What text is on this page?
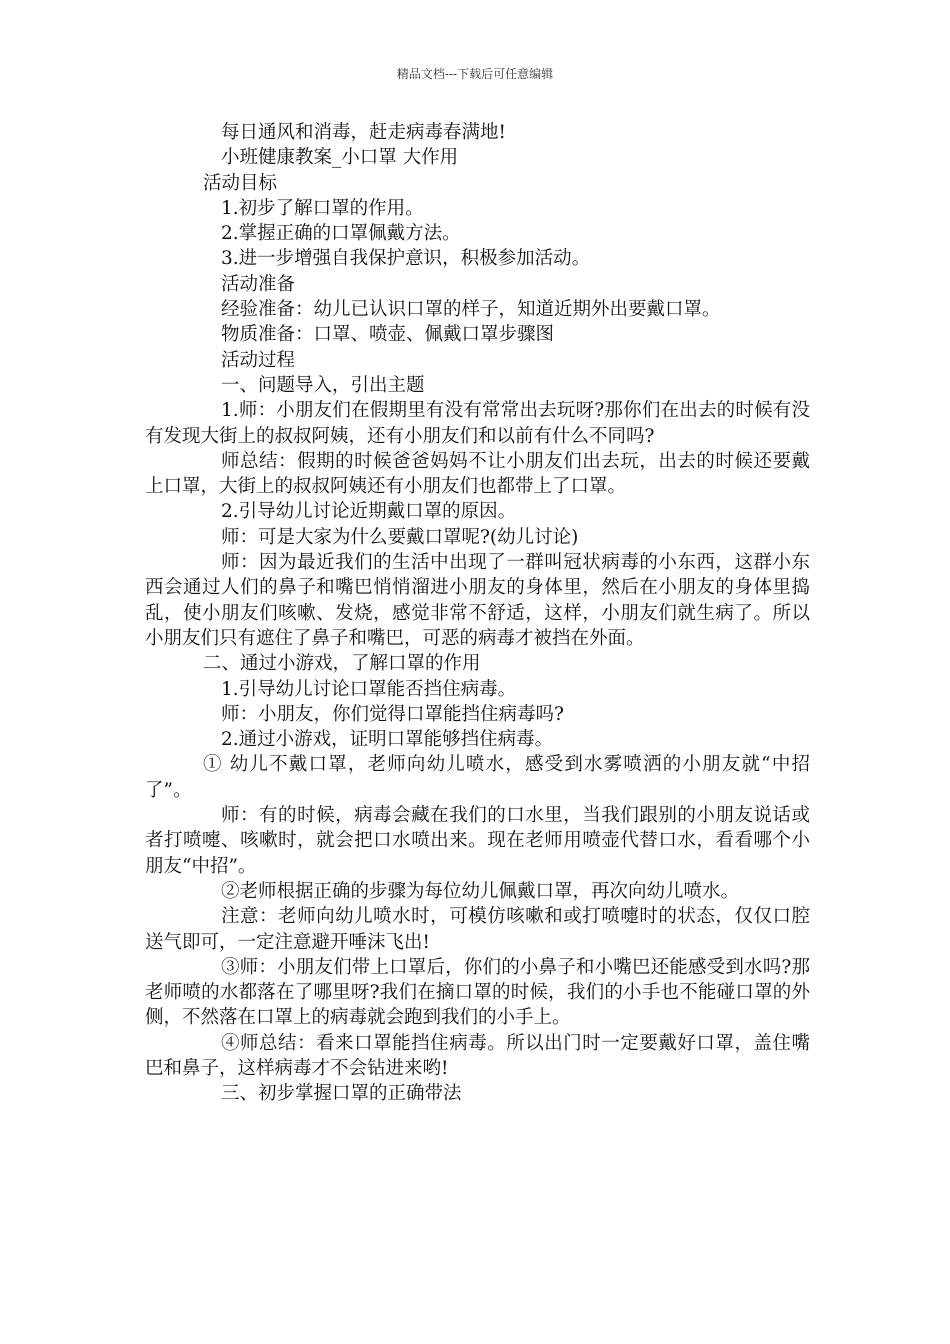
精品文档---下载后可任意编辑

每日通风和消毒，赶走病毒春满地!

小班健康教案_小口罩 大作用

活动目标

1.初步了解口罩的作用。

2.掌握正确的口罩佩戴方法。

3.进一步增强自我保护意识，积极参加活动。

活动准备

经验准备：幼儿已认识口罩的样子，知道近期外出要戴口罩。

物质准备：口罩、喷壶、佩戴口罩步骤图

活动过程

一、问题导入，引出主题

1.师：小朋友们在假期里有没有常常出去玩呀?那你们在出去的时候有没有发现大街上的叔叔阿姨，还有小朋友们和以前有什么不同吗?

师总结：假期的时候爸爸妈妈不让小朋友们出去玩，出去的时候还要戴上口罩，大街上的叔叔阿姨还有小朋友们也都带上了口罩。

2.引导幼儿讨论近期戴口罩的原因。

师：可是大家为什么要戴口罩呢?(幼儿讨论)

师：因为最近我们的生活中出现了一群叫冠状病毒的小东西，这群小东西会通过人们的鼻子和嘴巴悄悄溜进小朋友的身体里，然后在小朋友的身体里捣乱，使小朋友们咳嗽、发烧，感觉非常不舒适，这样，小朋友们就生病了。所以小朋友们只有遮住了鼻子和嘴巴，可恶的病毒才被挡在外面。

二、通过小游戏，了解口罩的作用

1.引导幼儿讨论口罩能否挡住病毒。

师：小朋友，你们觉得口罩能挡住病毒吗?

2.通过小游戏，证明口罩能够挡住病毒。

① 幼儿不戴口罩，老师向幼儿喷水，感受到水雾喷洒的小朋友就“中招了”。

师：有的时候，病毒会藏在我们的口水里，当我们跟别的小朋友说话或者打喷嚏、咳嗽时，就会把口水喷出来。现在老师用喷壶代替口水，看看哪个小朋友“中招”。

②老师根据正确的步骤为每位幼儿佩戴口罩，再次向幼儿喷水。

注意：老师向幼儿喷水时，可模仿咳嗽和或打喷嚏时的状态，仅仅口腔送气即可，一定注意避开唾沫飞出!

③师：小朋友们带上口罩后，你们的小鼻子和小嘴巴还能感受到水吗?那老师喷的水都落在了哪里呀?我们在摘口罩的时候，我们的小手也不能碰口罩的外侧，不然落在口罩上的病毒就会跑到我们的小手上。

④师总结：看来口罩能挡住病毒。所以出门时一定要戴好口罩，盖住嘴巴和鼻子，这样病毒才不会钻进来哟!

三、初步掌握口罩的正确带法
